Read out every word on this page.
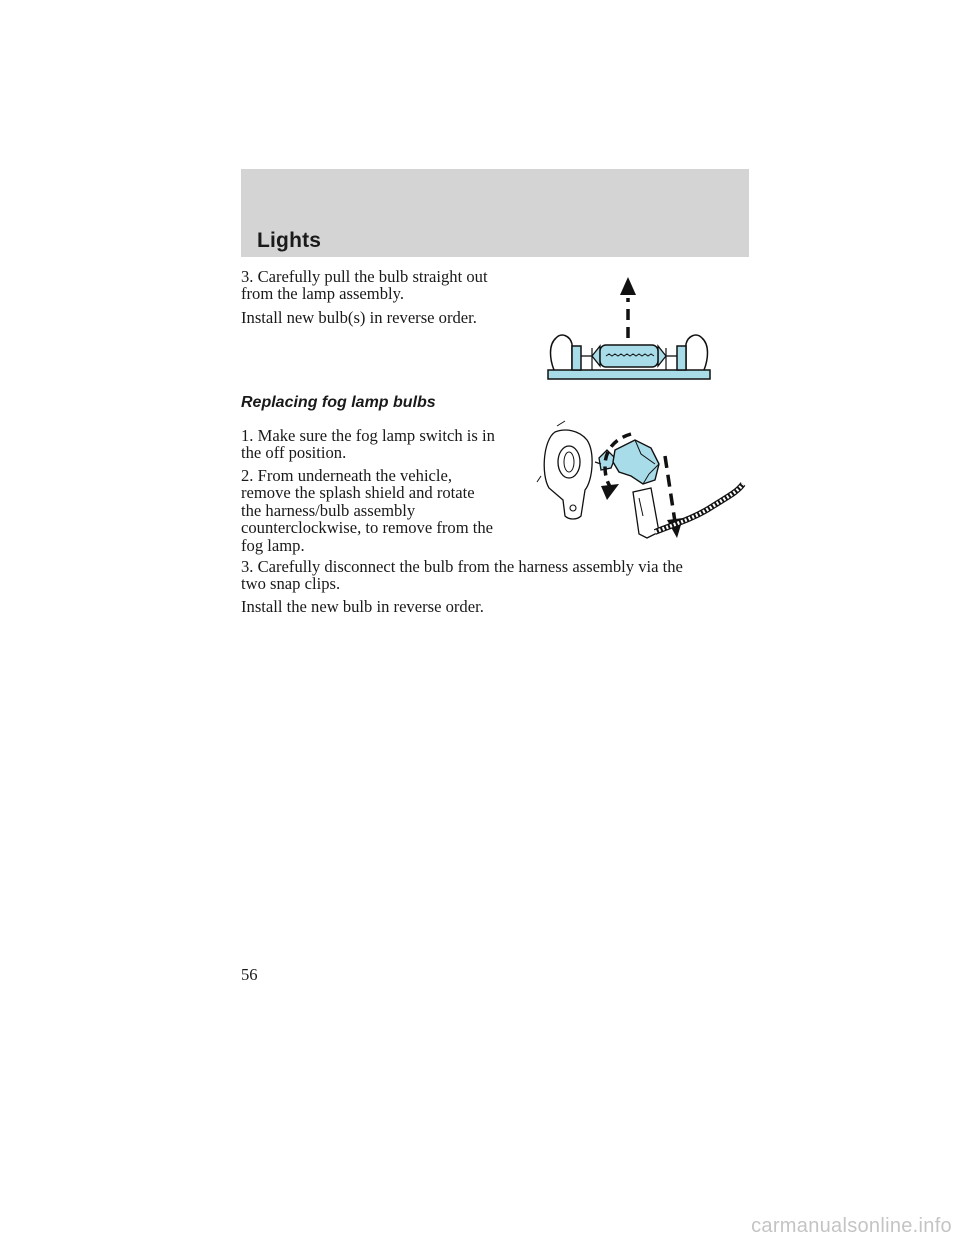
Lights

3. Carefully pull the bulb straight out from the lamp assembly.

Install new bulb(s) in reverse order.

Replacing fog lamp bulbs

1. Make sure the fog lamp switch is in the off position.

2. From underneath the vehicle, remove the splash shield and rotate the harness/bulb assembly counterclockwise, to remove from the fog lamp.

3. Carefully disconnect the bulb from the harness assembly via the two snap clips.

Install the new bulb in reverse order.

56
carmanualsonline.info
